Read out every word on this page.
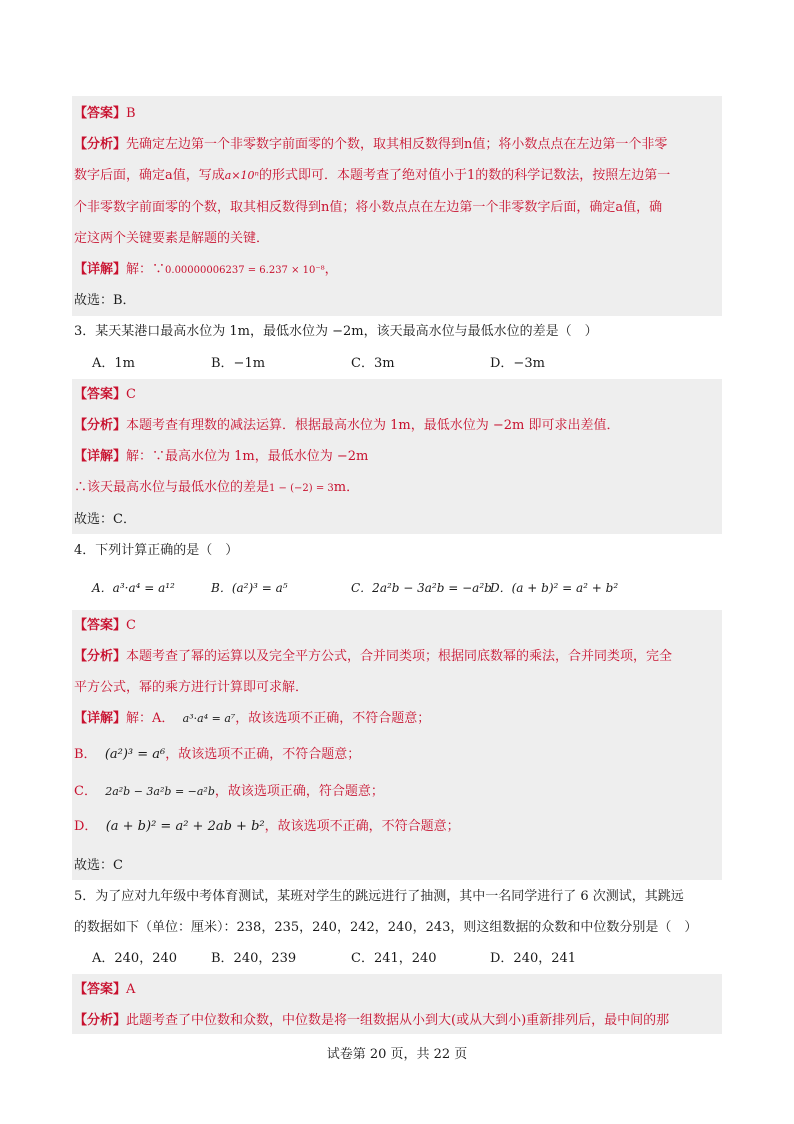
【答案】B
【分析】先确定左边第一个非零数字前面零的个数，取其相反数得到n值；将小数点点在左边第一个非零
数字后面，确定a值，写成a×10ⁿ的形式即可．本题考查了绝对值小于1的数的科学记数法，按照左边第一
个非零数字前面零的个数，取其相反数得到n值；将小数点点在左边第一个非零数字后面，确定a值，确
定这两个关键要素是解题的关键．
【详解】解：∵0.00000006237 = 6.237 × 10⁻⁸，
故选：B．
3．某天某港口最高水位为 1m，最低水位为 −2m，该天最高水位与最低水位的差是（　）
A．1m	B．−1m	C．3m	D．−3m
【答案】C
【分析】本题考查有理数的减法运算．根据最高水位为 1m，最低水位为 −2m 即可求出差值．
【详解】解：∵最高水位为 1m，最低水位为 −2m
∴该天最高水位与最低水位的差是1 − (−2) = 3m．
故选：C．
4．下列计算正确的是（　）
A．a³·a⁴ = a¹²	B．(a²)³ = a⁵	C．2a²b − 3a²b = −a²b
D．(a + b)² = a² + b²
【答案】C
【分析】本题考查了幂的运算以及完全平方公式，合并同类项；根据同底数幂的乘法，合并同类项，完全
平方公式，幂的乘方进行计算即可求解．
【详解】解：A． a³·a⁴ = a⁷，故该选项不正确，不符合题意；
B． (a²)³ = a⁶，故该选项不正确，不符合题意；
C． 2a²b − 3a²b = −a²b，故该选项正确，符合题意；
D． (a + b)² = a² + 2ab + b²，故该选项不正确，不符合题意；
故选：C
5．为了应对九年级中考体育测试，某班对学生的跳远进行了抽测，其中一名同学进行了 6 次测试，其跳远
的数据如下（单位：厘米）：238，235，240，242，240，243，则这组数据的众数和中位数分别是（　）
A．240，240	B．240，239	C．241，240	D．240，241
【答案】A
【分析】此题考查了中位数和众数，中位数是将一组数据从小到大(或从大到小)重新排列后，最中间的那
试卷第 20 页，共 22 页
